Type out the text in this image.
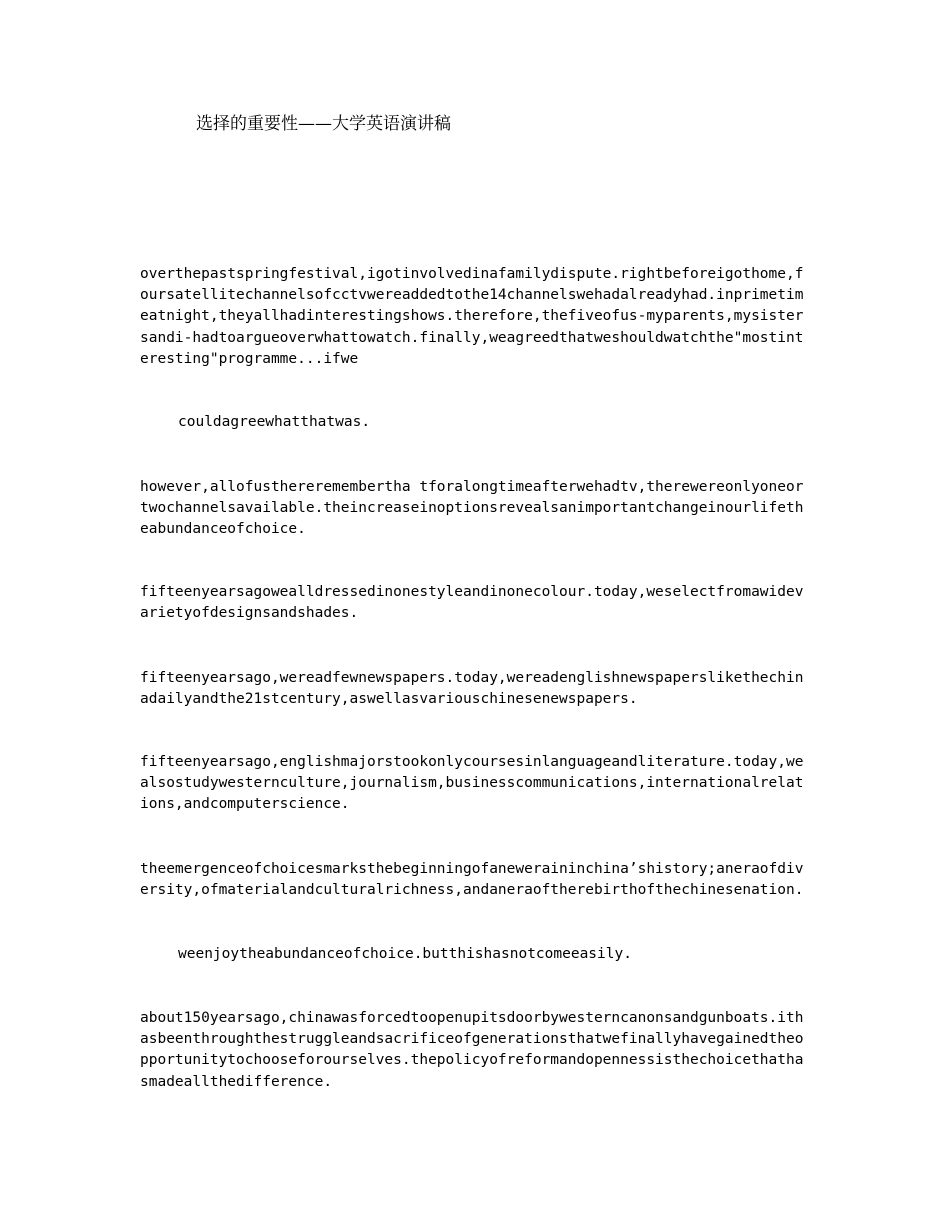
选择的重要性——大学英语演讲稿

overthepastspringfestival,igotinvolvedinafamilydispute.rightbeforeigothome,foursatellitechannelsofcctvwereaddedtothe14channelswehadalreadyhad.inprimetimeatnight,theyallhadinterestingshows.therefore,thefiveofus-myparents,mysistersandi-hadtoargueoverwhattowatch.finally,weagreedthatweshouldwatchthe"mostinteresting"programme...ifwe

couldagreewhatthatwas.

however,allofusthereremembertha tforalongtimeafterwehadtv,therewereonlyoneortwochannelsavailable.theincreaseinoptionsrevealsanimportantchangeinourlifetheabundanceofchoice.

fifteenyearsagowealldressedinonestyleandinonecolour.today,weselectfromawidevarietyofdesignsandshades.

fifteenyearsago,wereadfewnewspapers.today,wereadenglishnewspaperslikethechinadailyandthe21stcentury,aswellasvariouschinesenewspapers.

fifteenyearsago,englishmajorstookonlycoursesinlanguageandliterature.today,wealsostudywesternculture,journalism,businesscommunications,internationalrelations,andcomputerscience.

theemergenceofchoicesmarksthebeginningofaneweraininchina’shistory;aneraofdiversity,ofmaterialandculturalrichness,andaneraoftherebirthofthechinesenation.

weenjoytheabundanceofchoice.butthishasnotcomeeasily.

about150yearsago,chinawasforcedtoopenupitsdoorbywesterncanonsandgunboats.ithasbeenthroughthestruggleandsacrificeofgenerationsthatwefinallyhavegainedtheopportunitytochooseforourselves.thepolicyofreformandopennessisthechoicethathasmadeallthedifference.
